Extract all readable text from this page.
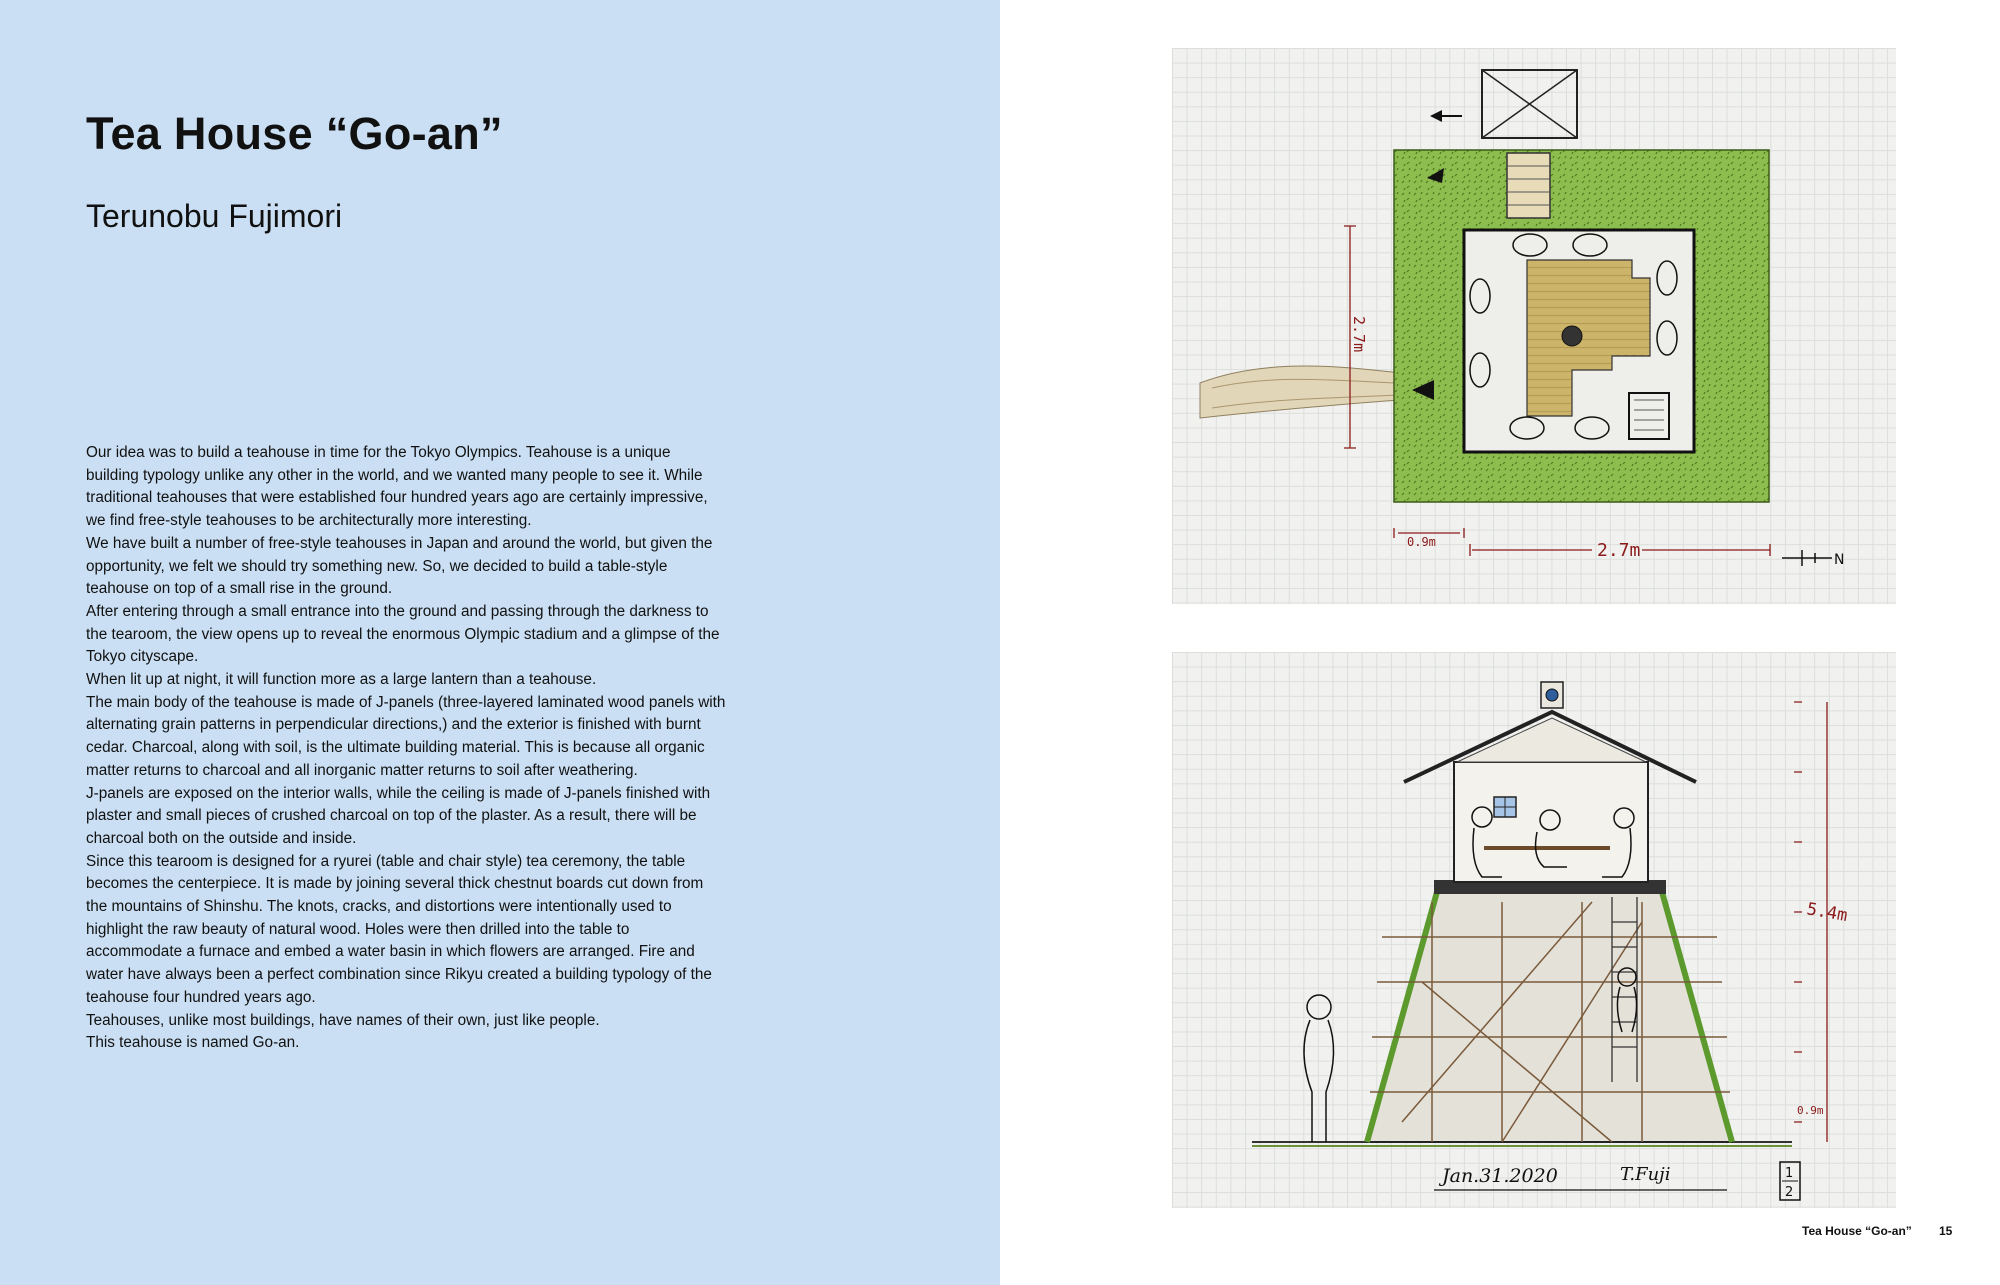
Tea House “Go-an”
Terunobu Fujimori

Our idea was to build a teahouse in time for the Tokyo Olympics. Teahouse is a unique building typology unlike any other in the world, and we wanted many people to see it. While traditional teahouses that were established four hundred years ago are certainly impressive, we find free-style teahouses to be architecturally more interesting.

We have built a number of free-style teahouses in Japan and around the world, but given the opportunity, we felt we should try something new. So, we decided to build a table-style teahouse on top of a small rise in the ground.

After entering through a small entrance into the ground and passing through the darkness to the tearoom, the view opens up to reveal the enormous Olympic stadium and a glimpse of the Tokyo cityscape.

When lit up at night, it will function more as a large lantern than a teahouse.

The main body of the teahouse is made of J-panels (three-layered laminated wood panels with alternating grain patterns in perpendicular directions,) and the exterior is finished with burnt cedar. Charcoal, along with soil, is the ultimate building material. This is because all organic matter returns to charcoal and all inorganic matter returns to soil after weathering.

J-panels are exposed on the interior walls, while the ceiling is made of J-panels finished with plaster and small pieces of crushed charcoal on top of the plaster. As a result, there will be charcoal both on the outside and inside.

Since this tearoom is designed for a ryurei (table and chair style) tea ceremony, the table becomes the centerpiece. It is made by joining several thick chestnut boards cut down from the mountains of Shinshu. The knots, cracks, and distortions were intentionally used to highlight the raw beauty of natural wood. Holes were then drilled into the table to accommodate a furnace and embed a water basin in which flowers are arranged. Fire and water have always been a perfect combination since Rikyu created a building typology of the teahouse four hundred years ago.

Teahouses, unlike most buildings, have names of their own, just like people.

This teahouse is named Go-an.

2.7m
0.9m	2.7m	N
5.4m
0.9m
Jan.31.2020	T.Fuji	1
2
Tea House “Go-an” 15
